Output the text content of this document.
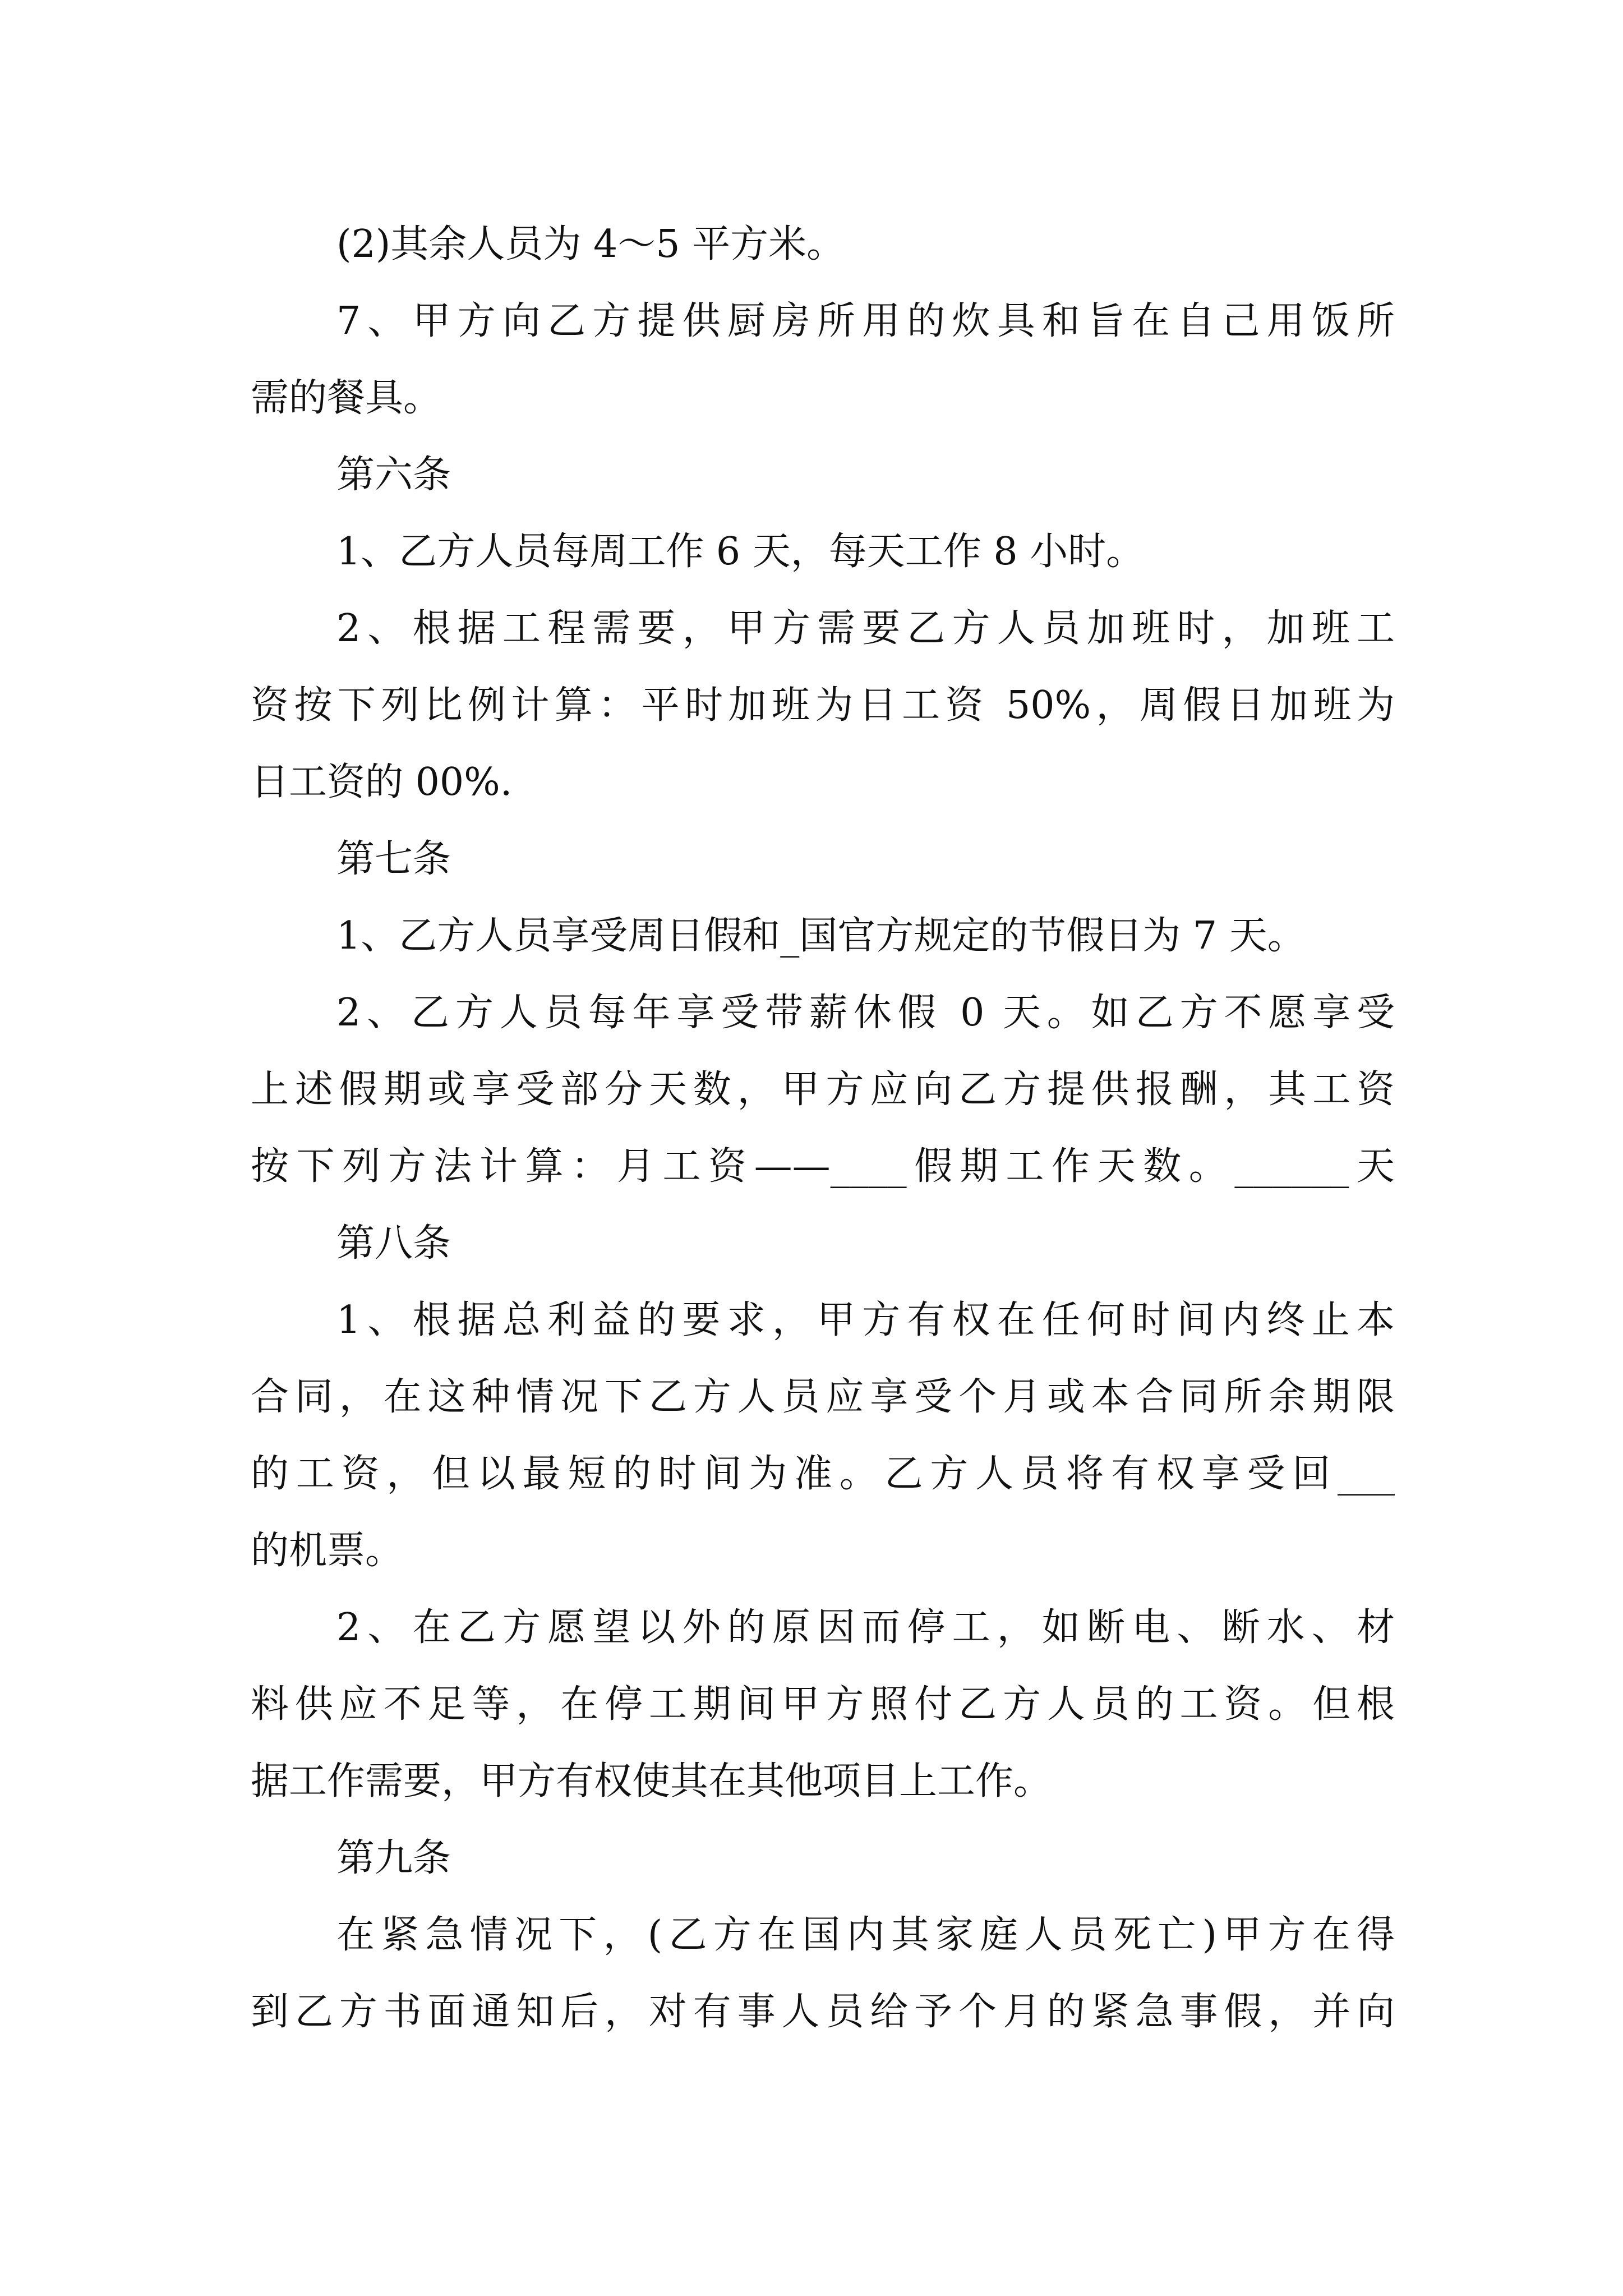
(2)其余人员为 4～5 平方米。

7、甲方向乙方提供厨房所用的炊具和旨在自己用饭所

需的餐具。

第六条

1、乙方人员每周工作 6 天，每天工作 8 小时。

2、根据工程需要，甲方需要乙方人员加班时，加班工

资按下列比例计算：平时加班为日工资 50%，周假日加班为

日工资的 00%.

第七条

1、乙方人员享受周日假和_国官方规定的节假日为 7 天。

2、乙方人员每年享受带薪休假 0 天。如乙方不愿享受

上述假期或享受部分天数，甲方应向乙方提供报酬，其工资

按下列方法计算：月工资——____假期工作天数。______天

第八条

1、根据总利益的要求，甲方有权在任何时间内终止本

合同，在这种情况下乙方人员应享受个月或本合同所余期限

的工资，但以最短的时间为准。乙方人员将有权享受回___

的机票。

2、在乙方愿望以外的原因而停工，如断电、断水、材

料供应不足等，在停工期间甲方照付乙方人员的工资。但根

据工作需要，甲方有权使其在其他项目上工作。

第九条

在紧急情况下，(乙方在国内其家庭人员死亡)甲方在得

到乙方书面通知后，对有事人员给予个月的紧急事假，并向
